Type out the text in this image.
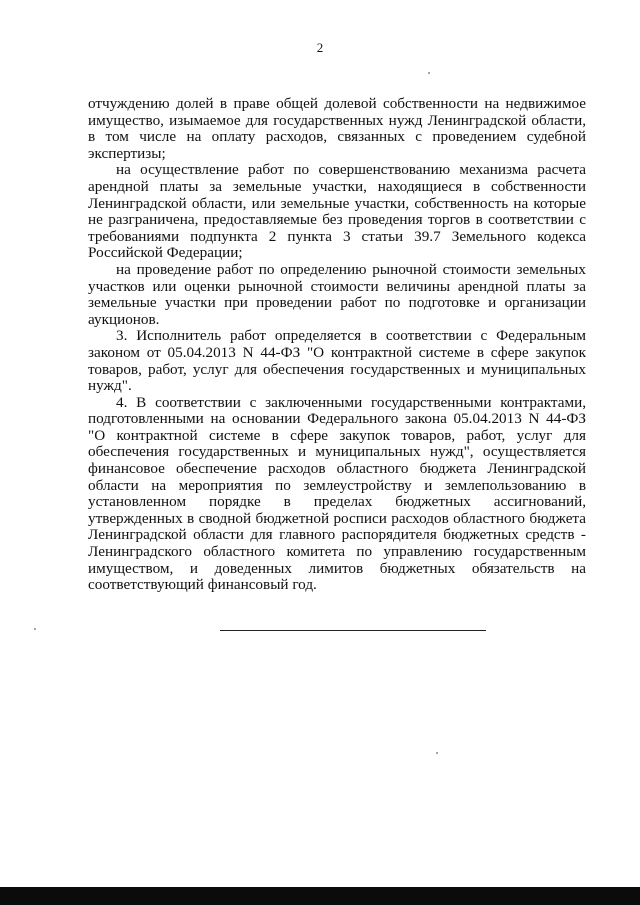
2

отчуждению долей в праве общей долевой собственности на недвижимое имущество, изымаемое для государственных нужд Ленинградской области, в том числе на оплату расходов, связанных с проведением судебной экспертизы;

на осуществление работ по совершенствованию механизма расчета арендной платы за земельные участки, находящиеся в собственности Ленинградской области, или земельные участки, собственность на которые не разграничена, предоставляемые без проведения торгов в соответствии с требованиями подпункта 2 пункта 3 статьи 39.7 Земельного кодекса Российской Федерации;

на проведение работ по определению рыночной стоимости земельных участков или оценки рыночной стоимости величины арендной платы за земельные участки при проведении работ по подготовке и организации аукционов.

3. Исполнитель работ определяется в соответствии с Федеральным законом от 05.04.2013 N 44-ФЗ "О контрактной системе в сфере закупок товаров, работ, услуг для обеспечения государственных и муниципальных нужд".

4. В соответствии с заключенными государственными контрактами, подготовленными на основании Федерального закона 05.04.2013 N 44-ФЗ "О контрактной системе в сфере закупок товаров, работ, услуг для обеспечения государственных и муниципальных нужд", осуществляется финансовое обеспечение расходов областного бюджета Ленинградской области на мероприятия по землеустройству и землепользованию в установленном порядке в пределах бюджетных ассигнований, утвержденных в сводной бюджетной росписи расходов областного бюджета Ленинградской области для главного распорядителя бюджетных средств - Ленинградского областного комитета по управлению государственным имуществом, и доведенных лимитов бюджетных обязательств на соответствующий финансовый год.
